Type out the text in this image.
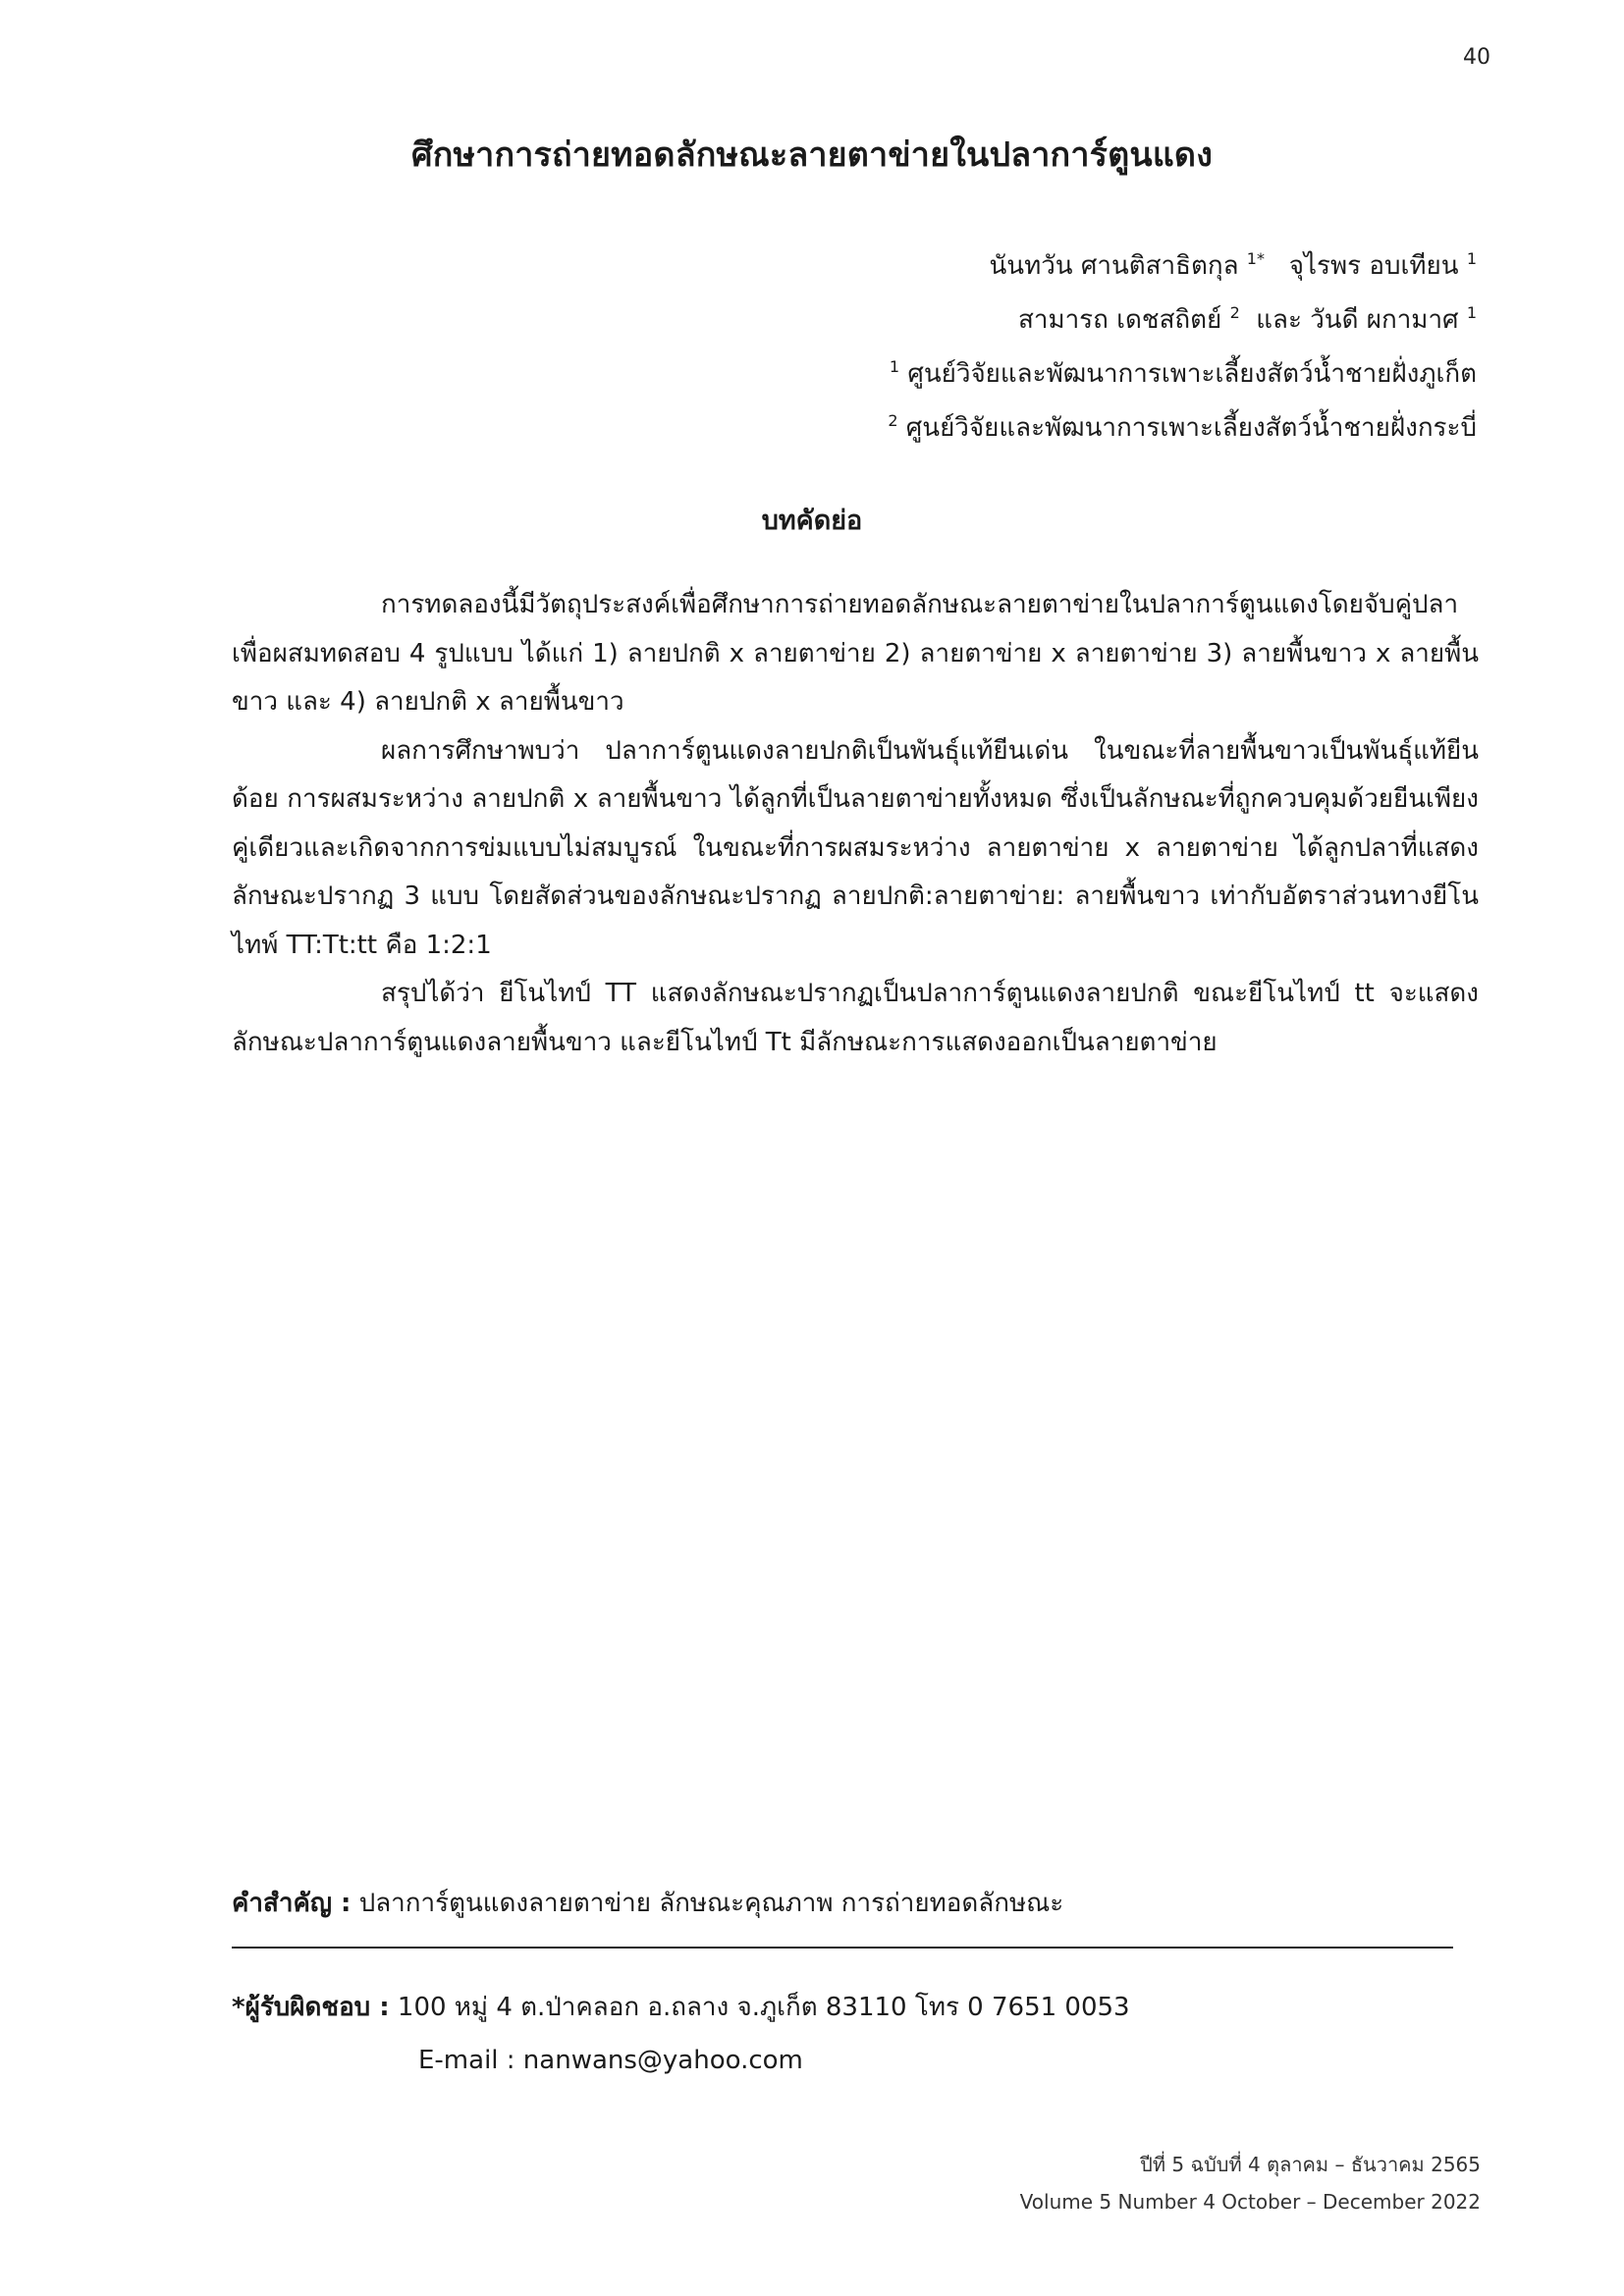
40
ศึกษาการถ่ายทอดลักษณะลายตาข่ายในปลาการ์ตูนแดง
นันทวัน ศานติสาธิตกุล $^{1*}$ จุไรพร อบเทียน $^1$
สามารถ เดชสถิตย์ $^2$ และ วันดี ผกามาศ $^1$
$^1$ ศูนย์วิจัยและพัฒนาการเพาะเลี้ยงสัตว์น้ำชายฝั่งภูเก็ต
$^2$ ศูนย์วิจัยและพัฒนาการเพาะเลี้ยงสัตว์น้ำชายฝั่งกระบี่
บทคัดย่อ

การทดลองนี้มีวัตถุประสงค์เพื่อศึกษาการถ่ายทอดลักษณะลายตาข่ายในปลาการ์ตูนแดงโดยจับคู่ปลาเพื่อผสมทดสอบ 4 รูปแบบ ได้แก่ 1) ลายปกติ x ลายตาข่าย 2) ลายตาข่าย x ลายตาข่าย 3) ลายพื้นขาว x ลายพื้นขาว และ 4) ลายปกติ x ลายพื้นขาว

ผลการศึกษาพบว่า ปลาการ์ตูนแดงลายปกติเป็นพันธุ์แท้ยีนเด่น ในขณะที่ลายพื้นขาวเป็นพันธุ์แท้ยีนด้อย การผสมระหว่าง ลายปกติ x ลายพื้นขาว ได้ลูกที่เป็นลายตาข่ายทั้งหมด ซึ่งเป็นลักษณะที่ถูกควบคุมด้วยยีนเพียงคู่เดียวและเกิดจากการข่มแบบไม่สมบูรณ์ ในขณะที่การผสมระหว่าง ลายตาข่าย x ลายตาข่าย ได้ลูกปลาที่แสดงลักษณะปรากฏ 3 แบบ โดยสัดส่วนของลักษณะปรากฏ ลายปกติ:ลายตาข่าย: ลายพื้นขาว เท่ากับอัตราส่วนทางยีโนไทพ์ TT:Tt:tt คือ 1:2:1

สรุปได้ว่า ยีโนไทป์ TT แสดงลักษณะปรากฏเป็นปลาการ์ตูนแดงลายปกติ ขณะยีโนไทป์ tt จะแสดงลักษณะปลาการ์ตูนแดงลายพื้นขาว และยีโนไทป์ Tt มีลักษณะการแสดงออกเป็นลายตาข่าย

คำสำคัญ : ปลาการ์ตูนแดงลายตาข่าย ลักษณะคุณภาพ การถ่ายทอดลักษณะ
*ผู้รับผิดชอบ : 100 หมู่ 4 ต.ป่าคลอก อ.ถลาง จ.ภูเก็ต 83110 โทร 0 7651 0053
E-mail : nanwans@yahoo.com
ปีที่ 5 ฉบับที่ 4 ตุลาคม – ธันวาคม 2565
Volume 5 Number 4 October – December 2022
